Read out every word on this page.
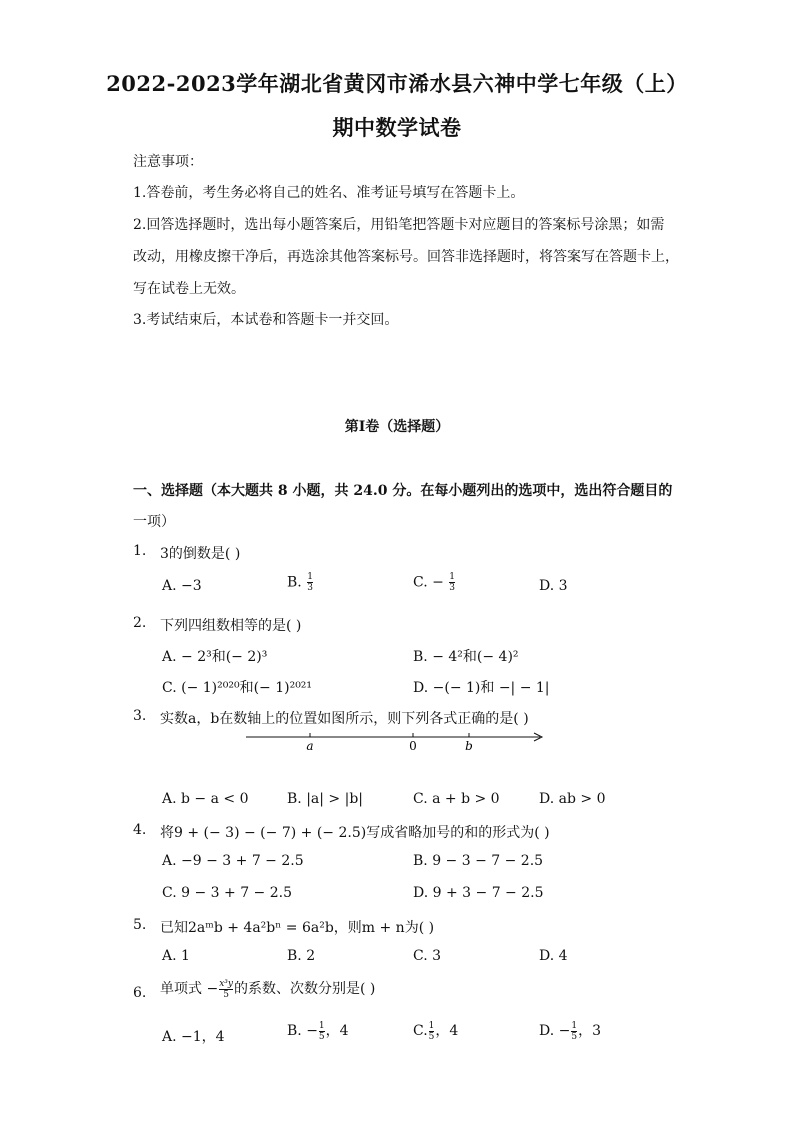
2022-2023学年湖北省黄冈市浠水县六神中学七年级（上）
期中数学试卷
注意事项：
1.答卷前，考生务必将自己的姓名、准考证号填写在答题卡上。
2.回答选择题时，选出每小题答案后，用铅笔把答题卡对应题目的答案标号涂黑；如需
改动，用橡皮擦干净后，再选涂其他答案标号。回答非选择题时，将答案写在答题卡上，
写在试卷上无效。
3.考试结束后，本试卷和答题卡一并交回。
第Ⅰ卷（选择题）
一、选择题（本大题共 8 小题，共 24.0 分。在每小题列出的选项中，选出符合题目的
一项）
1. 3的倒数是( )
A. −3	B. $\frac{1}{3}$	C. − $\frac{1}{3}$	D. 3
2. 下列四组数相等的是( )
A. − 2³和(− 2)³	B. − 4²和(− 4)²
C. (− 1)²⁰²⁰和(− 1)²⁰²¹	D. −(− 1)和 −| − 1|
3. 实数a，b在数轴上的位置如图所示，则下列各式正确的是( )
a	0	b
A. b − a < 0	B. |a| > |b|	C. a + b > 0	D. ab > 0
4. 将9 + (− 3) − (− 7) + (− 2.5)写成省略加号的和的形式为( )
A. −9 − 3 + 7 − 2.5	B. 9 − 3 − 7 − 2.5
C. 9 − 3 + 7 − 2.5	D. 9 + 3 − 7 − 2.5
5. 已知2aᵐb + 4a²bⁿ = 6a²b，则m + n为( )
A. 1	B. 2	C. 3	D. 4
6. 单项式 − $\frac{\text{x³y}}{5}$ 的系数、次数分别是( )
A. −1，4	B. − $\frac{1}{5}$ ，4	C. $\frac{1}{5}$ ，4	D. − $\frac{1}{5}$ ，3
